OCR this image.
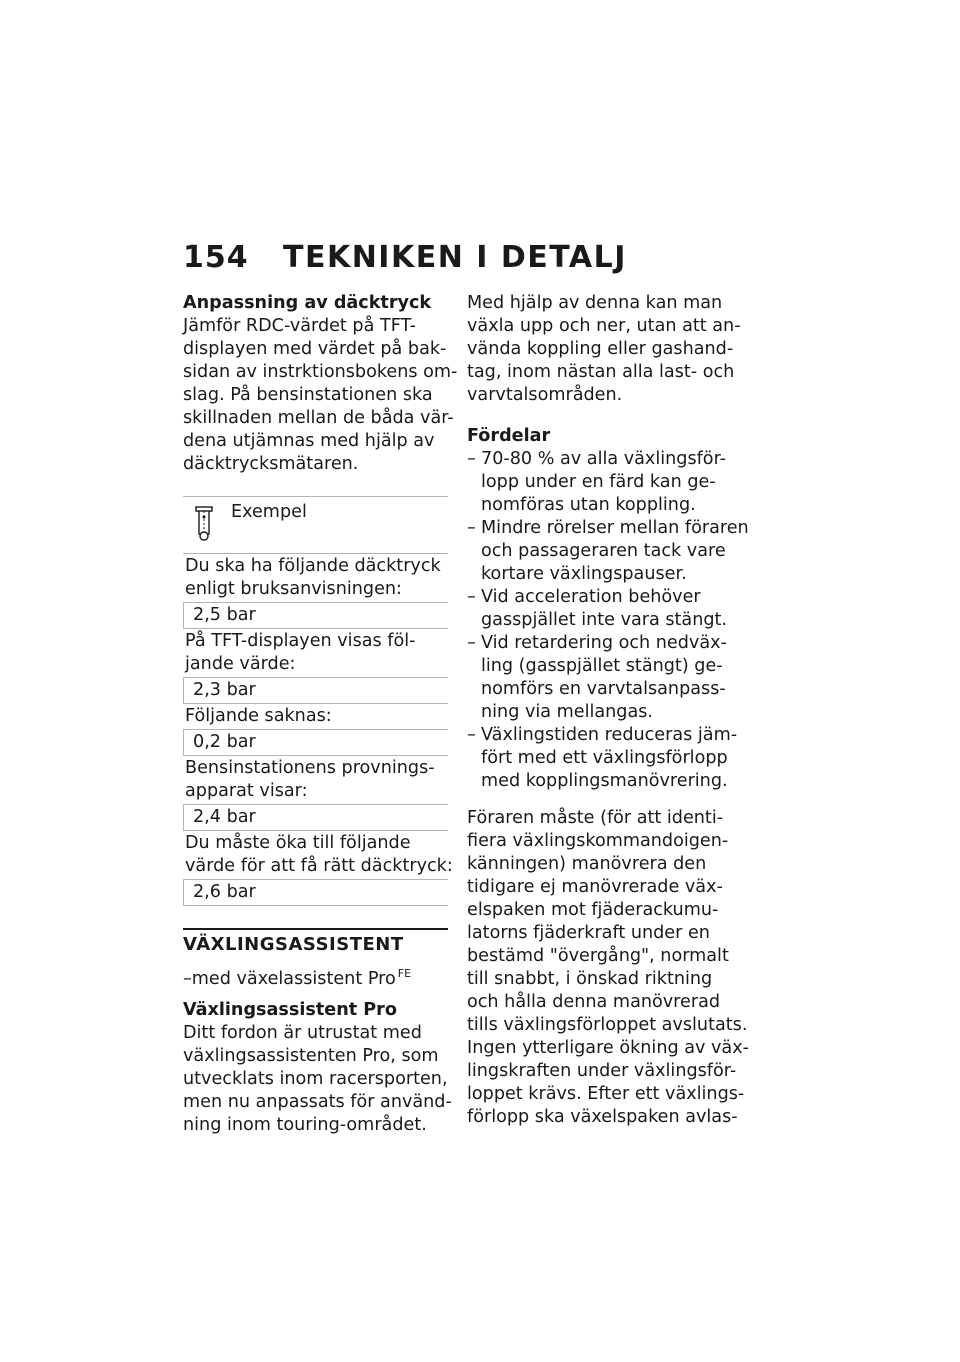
154 TEKNIKEN I DETALJ
Anpassning av däcktryck
Jämför RDC-värdet på TFT-
displayen med värdet på bak-
sidan av instrktionsbokens om-
slag. På bensinstationen ska
skillnaden mellan de båda vär-
dena utjämnas med hjälp av
däcktrycksmätaren.
Exempel
Du ska ha följande däcktryck
enligt bruksanvisningen:
2,5 bar
På TFT-displayen visas föl-
jande värde:
2,3 bar
Följande saknas:
0,2 bar
Bensinstationens provnings-
apparat visar:
2,4 bar
Du måste öka till följande
värde för att få rätt däcktryck:
2,6 bar
VÄXLINGSASSISTENT
–med växelassistent Pro $^{FE}$
Växlingsassistent Pro
Ditt fordon är utrustat med
växlingsassistenten Pro, som
utvecklats inom racersporten,
men nu anpassats för använd-
ning inom touring-området.
Med hjälp av denna kan man
växla upp och ner, utan att an-
vända koppling eller gashand-
tag, inom nästan alla last- och
varvtalsområden.
Fördelar
– 70-80 % av alla växlingsför-
lopp under en färd kan ge-
nomföras utan koppling.
– Mindre rörelser mellan föraren
och passageraren tack vare
kortare växlingspauser.
– Vid acceleration behöver
gasspjället inte vara stängt.
– Vid retardering och nedväx-
ling (gasspjället stängt) ge-
nomförs en varvtalsanpass-
ning via mellangas.
– Växlingstiden reduceras jäm-
fört med ett växlingsförlopp
med kopplingsmanövrering.
Föraren måste (för att identi-
fiera växlingskommandoigen-
känningen) manövrera den
tidigare ej manövrerade väx-
elspaken mot fjäderackumu-
latorns fjäderkraft under en
bestämd "övergång", normalt
till snabbt, i önskad riktning
och hålla denna manövrerad
tills växlingsförloppet avslutats.
Ingen ytterligare ökning av väx-
lingskraften under växlingsför-
loppet krävs. Efter ett växlings-
förlopp ska växelspaken avlas-
